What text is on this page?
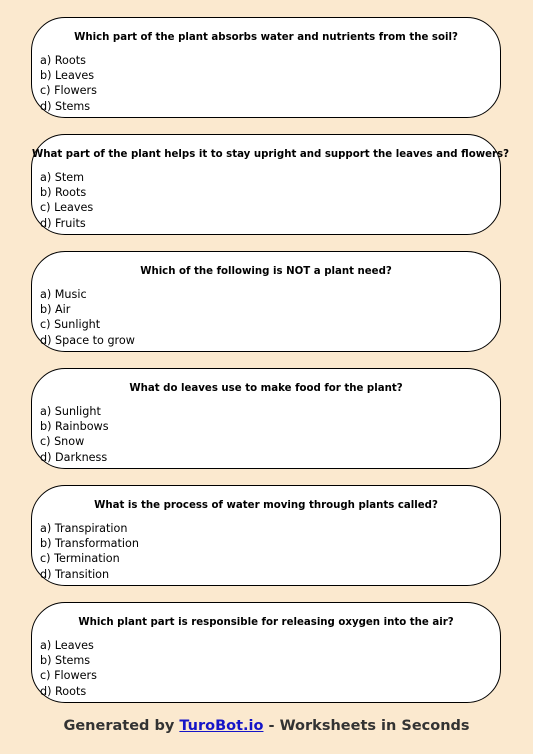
Which part of the plant absorbs water and nutrients from the soil?
a) Roots
b) Leaves
c) Flowers
d) Stems
What part of the plant helps it to stay upright and support the leaves and flowers?
a) Stem
b) Roots
c) Leaves
d) Fruits
Which of the following is NOT a plant need?
a) Music
b) Air
c) Sunlight
d) Space to grow
What do leaves use to make food for the plant?
a) Sunlight
b) Rainbows
c) Snow
d) Darkness
What is the process of water moving through plants called?
a) Transpiration
b) Transformation
c) Termination
d) Transition
Which plant part is responsible for releasing oxygen into the air?
a) Leaves
b) Stems
c) Flowers
d) Roots
Generated by TuroBot.io - Worksheets in Seconds
